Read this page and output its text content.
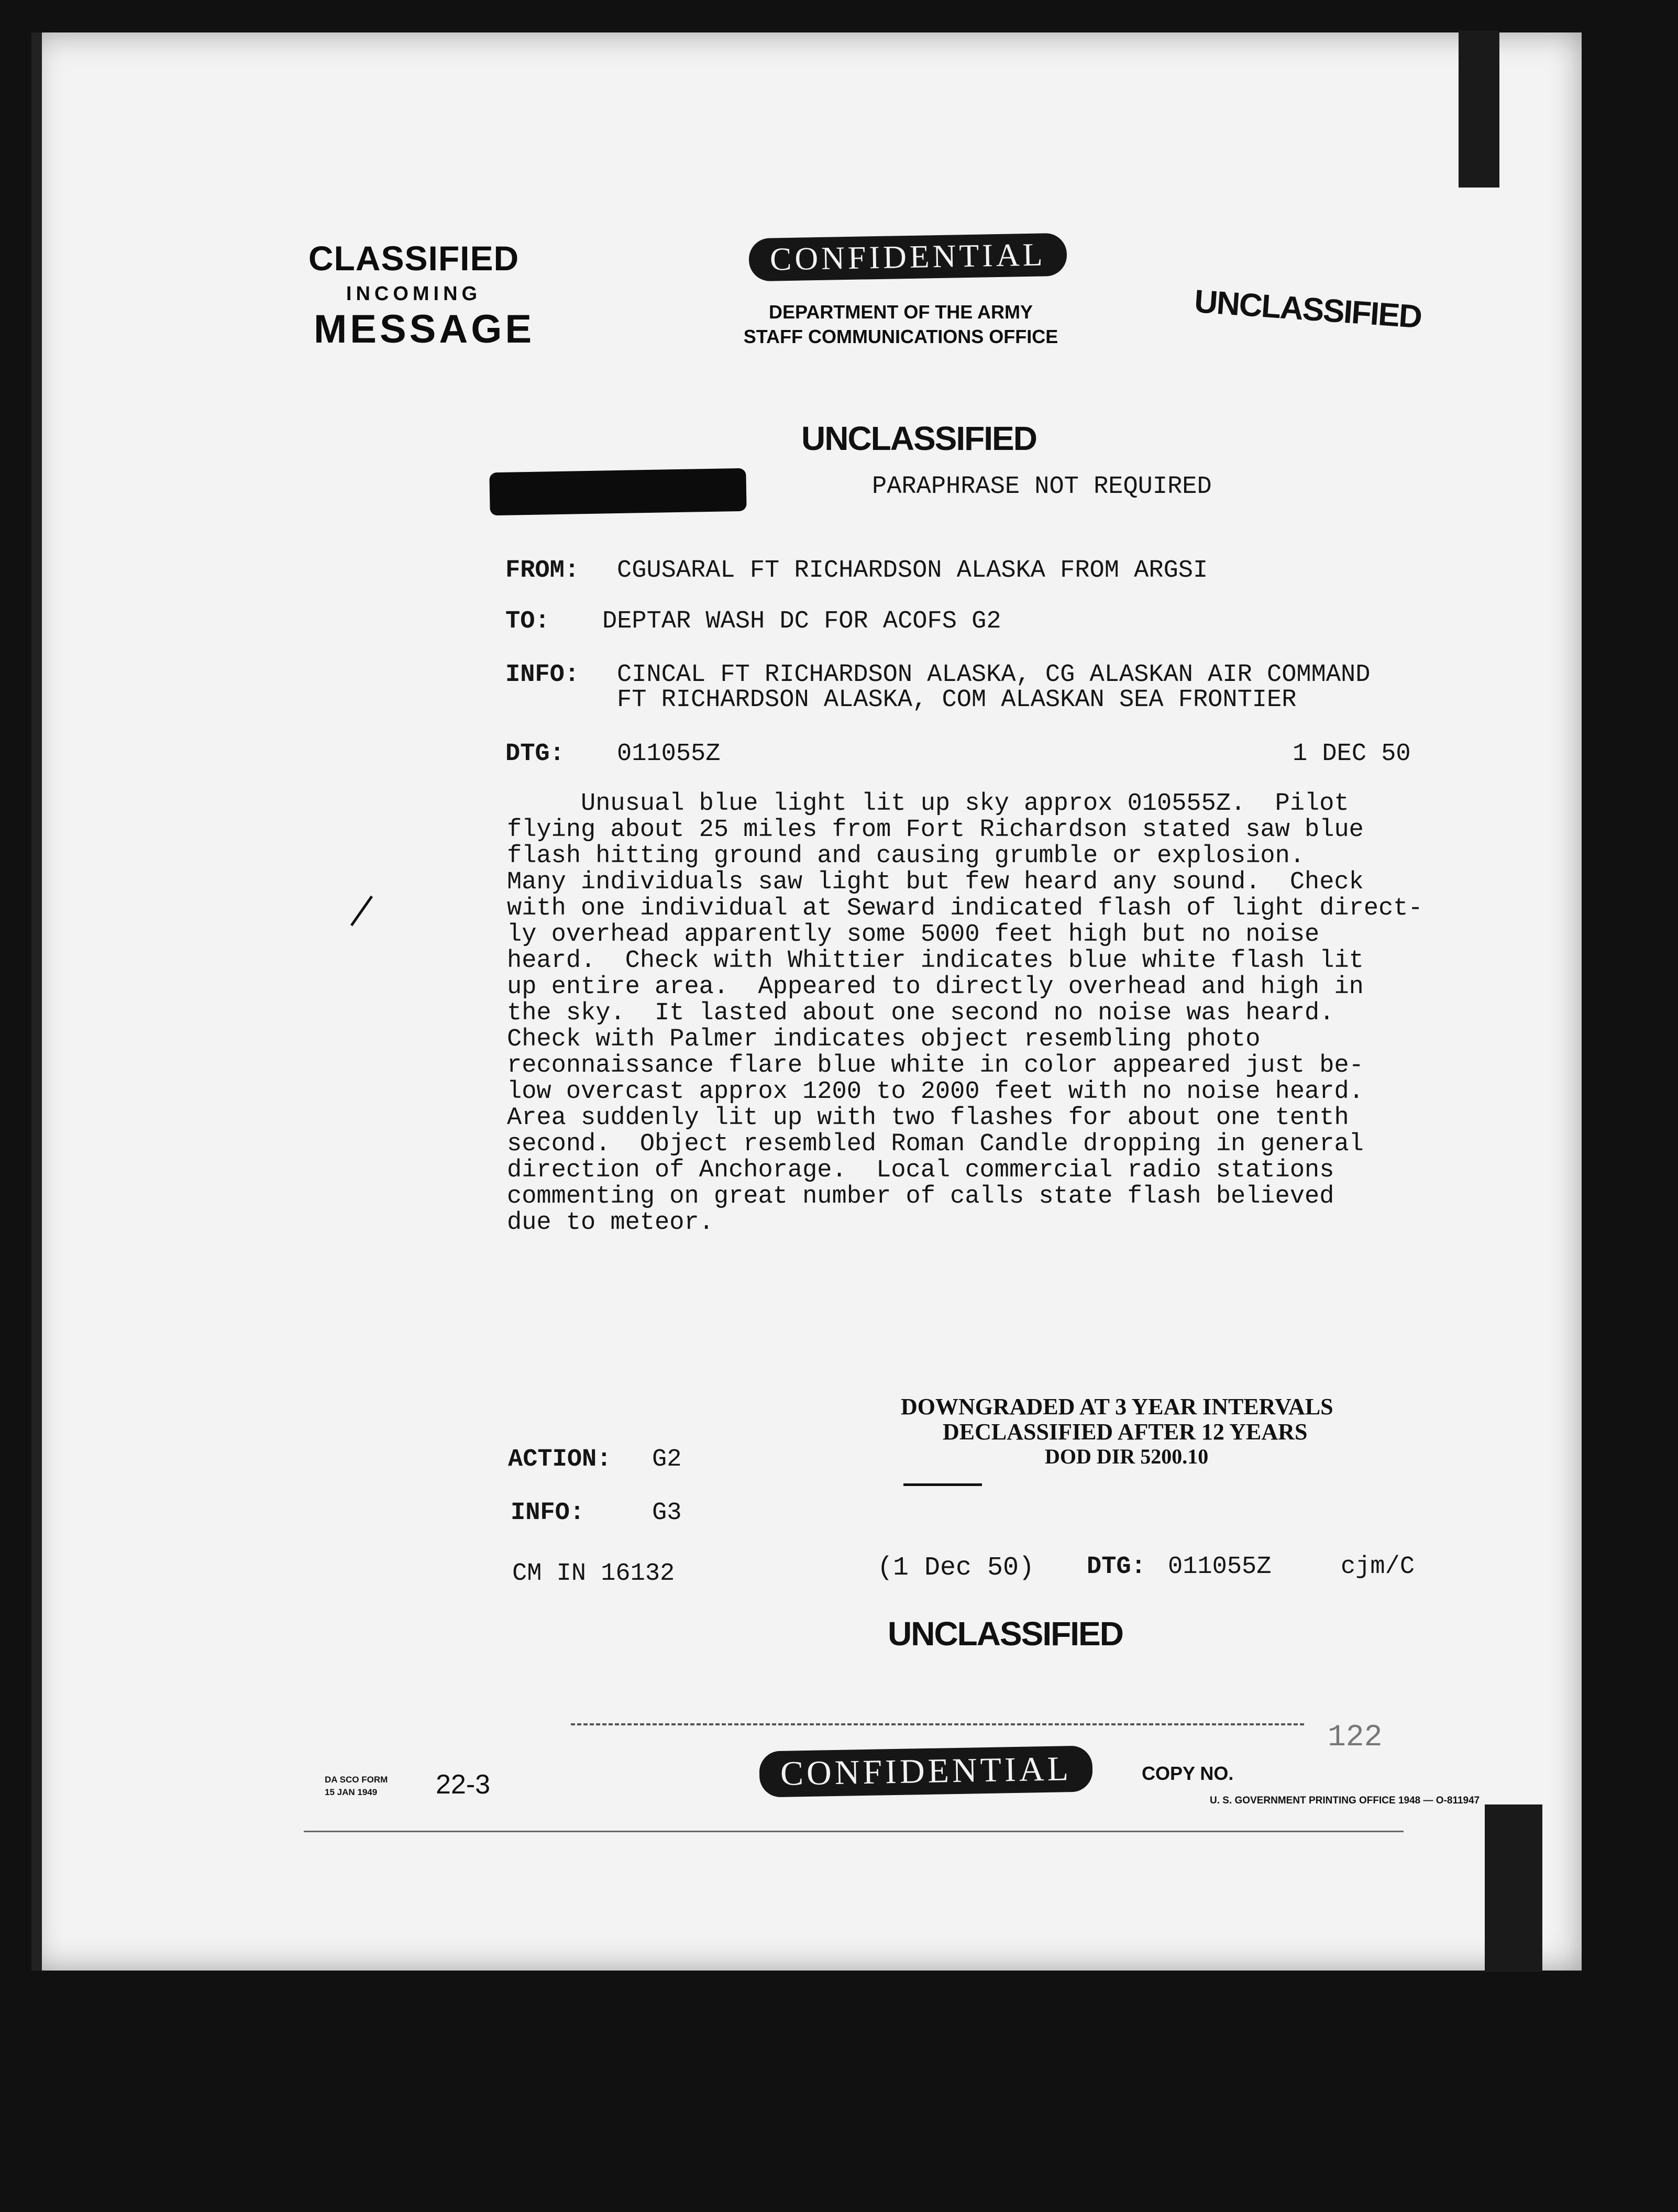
CLASSIFIED
INCOMING
MESSAGE
CONFIDENTIAL
DEPARTMENT OF THE ARMY
STAFF COMMUNICATIONS OFFICE
UNCLASSIFIED
UNCLASSIFIED
PARAPHRASE NOT REQUIRED
FROM: CGUSARAL FT RICHARDSON ALASKA FROM ARGSI
TO: DEPTAR WASH DC FOR ACOFS G2
INFO: CINCAL FT RICHARDSON ALASKA, CG ALASKAN AIR COMMAND
FT RICHARDSON ALASKA, COM ALASKAN SEA FRONTIER
DTG: 011055Z	1 DEC 50

Unusual blue light lit up sky approx 010555Z.  Pilot

flying about 25 miles from Fort Richardson stated saw blue

flash hitting ground and causing grumble or explosion.

Many individuals saw light but few heard any sound.  Check

with one individual at Seward indicated flash of light direct-

ly overhead apparently some 5000 feet high but no noise

heard.  Check with Whittier indicates blue white flash lit

up entire area.  Appeared to directly overhead and high in

the sky.  It lasted about one second no noise was heard.

Check with Palmer indicates object resembling photo

reconnaissance flare blue white in color appeared just be-

low overcast approx 1200 to 2000 feet with no noise heard.

Area suddenly lit up with two flashes for about one tenth

second.  Object resembled Roman Candle dropping in general

direction of Anchorage.  Local commercial radio stations

commenting on great number of calls state flash believed

due to meteor.

DOWNGRADED AT 3 YEAR INTERVALS
DECLASSIFIED AFTER 12 YEARS
DOD DIR 5200.10
ACTION: G2
INFO:	G3
CM IN 16132	(1 Dec 50) DTG: 011055Z	cjm/C
UNCLASSIFIED
CONFIDENTIAL	COPY NO.
122
U. S. GOVERNMENT PRINTING OFFICE 1948 — O-811947
DA SCO FORM
15 JAN 1949 22-3
